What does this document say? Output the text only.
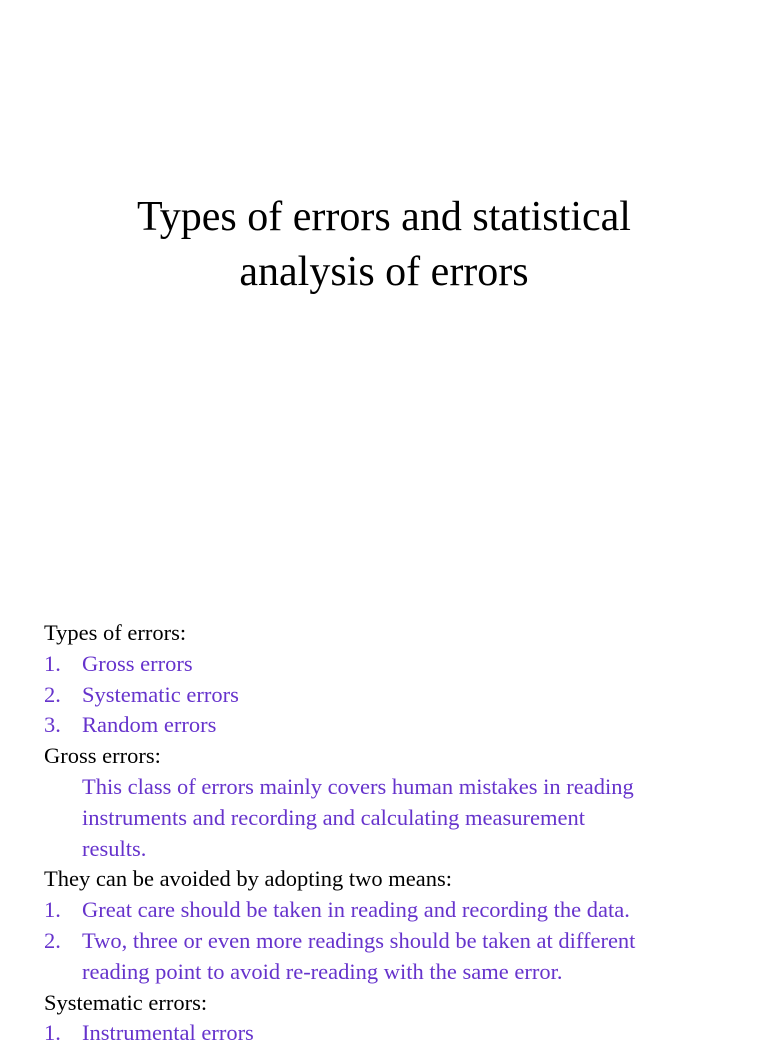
Types of errors and statistical
analysis of errors
Types of errors:
1. Gross errors
2. Systematic errors
3. Random errors
Gross errors:
This class of errors mainly covers human mistakes in reading
instruments and recording and calculating measurement
results.
They can be avoided by adopting two means:
1. Great care should be taken in reading and recording the data.
2. Two, three or even more readings should be taken at different
reading point to avoid re-reading with the same error.
Systematic errors:
1. Instrumental errors
